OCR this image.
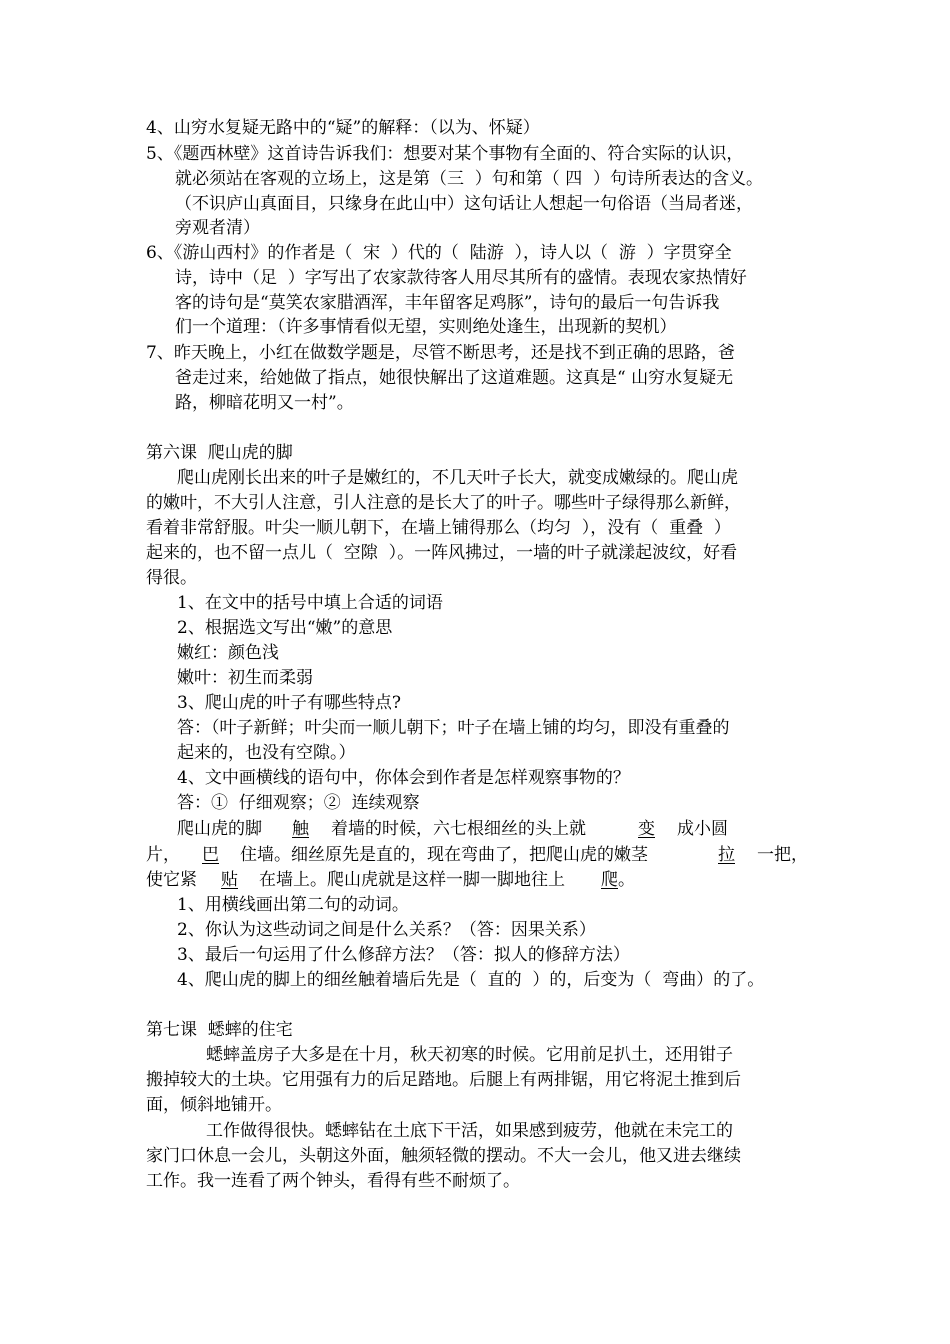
4、山穷水复疑无路中的“疑”的解释：（以为、怀疑）
5、《题西林壁》这首诗告诉我们：想要对某个事物有全面的、符合实际的认识，
就必须站在客观的立场上，这是第（三  ）句和第（ 四  ）句诗所表达的含义。
（不识庐山真面目，只缘身在此山中）这句话让人想起一句俗语（当局者迷，
旁观者清）
6、《游山西村》的作者是（  宋  ）代的（  陆游  ），诗人以（  游  ）字贯穿全
诗，诗中（足  ）字写出了农家款待客人用尽其所有的盛情。表现农家热情好
客的诗句是“莫笑农家腊酒浑，丰年留客足鸡豚”，诗句的最后一句告诉我
们一个道理：（许多事情看似无望，实则绝处逢生，出现新的契机）
7、昨天晚上，小红在做数学题是，尽管不断思考，还是找不到正确的思路，爸
爸走过来，给她做了指点，她很快解出了这道难题。这真是“ 山穷水复疑无
路，柳暗花明又一村”。
第六课  爬山虎的脚
爬山虎刚长出来的叶子是嫩红的，不几天叶子长大，就变成嫩绿的。爬山虎
的嫩叶，不大引人注意，引人注意的是长大了的叶子。哪些叶子绿得那么新鲜，
看着非常舒服。叶尖一顺儿朝下，在墙上铺得那么（均匀  ），没有（  重叠  ）
起来的，也不留一点儿（  空隙  ）。一阵风拂过，一墙的叶子就漾起波纹，好看
得很。
1、在文中的括号中填上合适的词语
2、根据选文写出“嫩”的意思
嫩红：颜色浅
嫩叶：初生而柔弱
3、爬山虎的叶子有哪些特点?
答：（叶子新鲜；叶尖而一顺儿朝下；叶子在墙上铺的均匀，即没有重叠的
起来的，也没有空隙。）
4、文中画横线的语句中，你体会到作者是怎样观察事物的？
答：①  仔细观察；②  连续观察
爬山虎的脚 触 着墙的时候，六七根细丝的头上就	变 成小圆
片， 巴 住墙。细丝原先是直的，现在弯曲了，把爬山虎的嫩茎	拉 一把，
使它紧 贴 在墙上。爬山虎就是这样一脚一脚地往上 爬 。
1、用横线画出第二句的动词。
2、你认为这些动词之间是什么关系？（答：因果关系）
3、最后一句运用了什么修辞方法？（答：拟人的修辞方法）
4、爬山虎的脚上的细丝触着墙后先是（  直的  ）的，后变为（  弯曲）的了。
第七课  蟋蟀的住宅
蟋蟀盖房子大多是在十月，秋天初寒的时候。它用前足扒土，还用钳子
搬掉较大的土块。它用强有力的后足踏地。后腿上有两排锯，用它将泥土推到后
面，倾斜地铺开。
工作做得很快。蟋蟀钻在土底下干活，如果感到疲劳，他就在未完工的
家门口休息一会儿，头朝这外面，触须轻微的摆动。不大一会儿，他又进去继续
工作。我一连看了两个钟头，看得有些不耐烦了。
